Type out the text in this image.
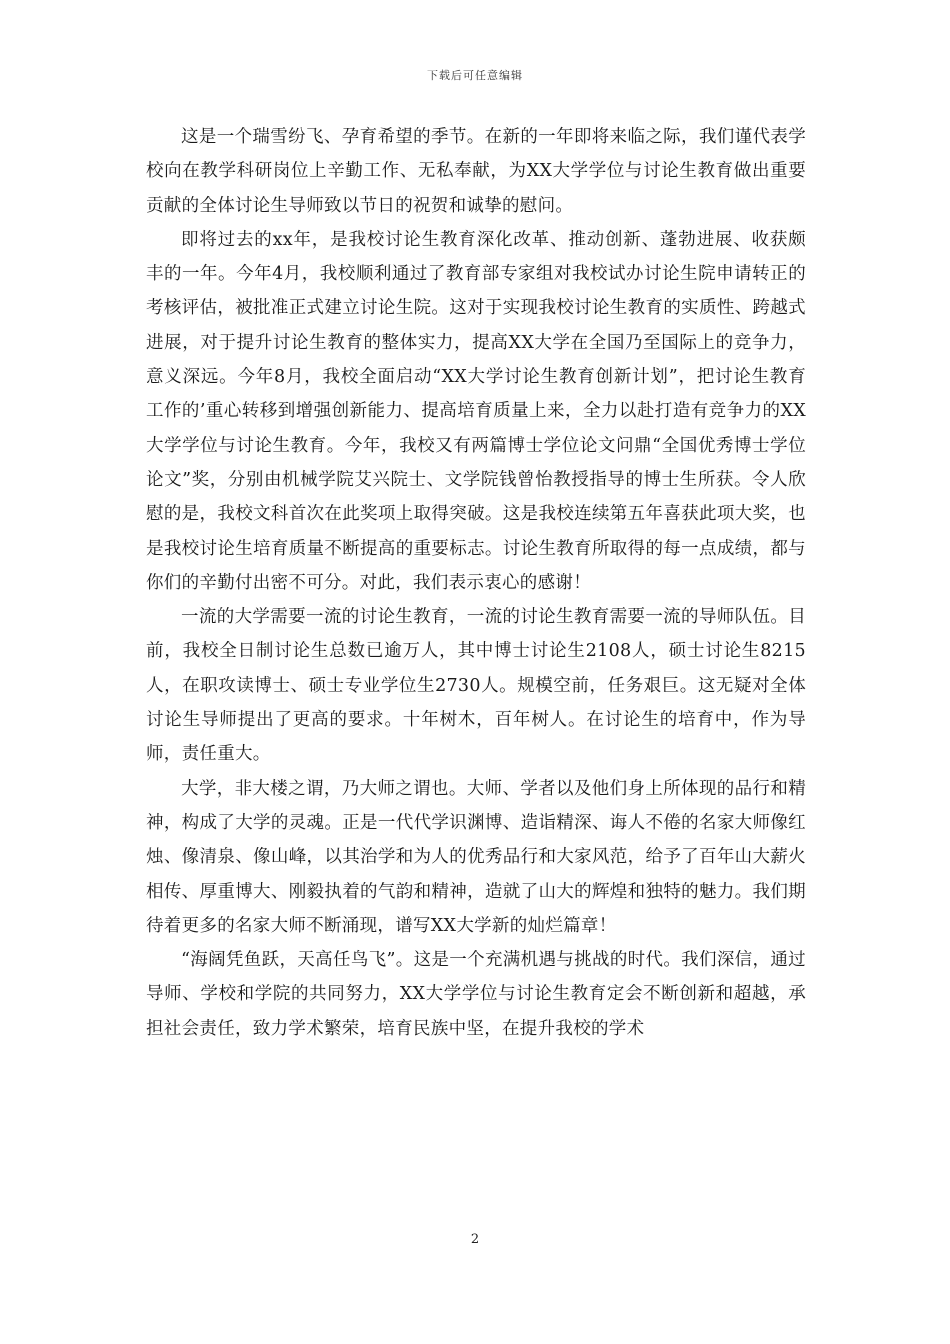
下载后可任意编辑

这是一个瑞雪纷飞、孕育希望的季节。在新的一年即将来临之际，我们谨代表学校向在教学科研岗位上辛勤工作、无私奉献，为XX大学学位与讨论生教育做出重要贡献的全体讨论生导师致以节日的祝贺和诚挚的慰问。

即将过去的xx年，是我校讨论生教育深化改革、推动创新、蓬勃进展、收获颇丰的一年。今年4月，我校顺利通过了教育部专家组对我校试办讨论生院申请转正的考核评估，被批准正式建立讨论生院。这对于实现我校讨论生教育的实质性、跨越式进展，对于提升讨论生教育的整体实力，提高XX大学在全国乃至国际上的竞争力，意义深远。今年8月，我校全面启动“XX大学讨论生教育创新计划”，把讨论生教育工作的’重心转移到增强创新能力、提高培育质量上来，全力以赴打造有竞争力的XX大学学位与讨论生教育。今年，我校又有两篇博士学位论文问鼎“全国优秀博士学位论文”奖，分别由机械学院艾兴院士、文学院钱曾怡教授指导的博士生所获。令人欣慰的是，我校文科首次在此奖项上取得突破。这是我校连续第五年喜获此项大奖，也是我校讨论生培育质量不断提高的重要标志。讨论生教育所取得的每一点成绩，都与你们的辛勤付出密不可分。对此，我们表示衷心的感谢！

一流的大学需要一流的讨论生教育，一流的讨论生教育需要一流的导师队伍。目前，我校全日制讨论生总数已逾万人，其中博士讨论生2108人，硕士讨论生8215人，在职攻读博士、硕士专业学位生2730人。规模空前，任务艰巨。这无疑对全体讨论生导师提出了更高的要求。十年树木，百年树人。在讨论生的培育中，作为导师，责任重大。

大学，非大楼之谓，乃大师之谓也。大师、学者以及他们身上所体现的品行和精神，构成了大学的灵魂。正是一代代学识渊博、造诣精深、诲人不倦的名家大师像红烛、像清泉、像山峰，以其治学和为人的优秀品行和大家风范，给予了百年山大薪火相传、厚重博大、刚毅执着的气韵和精神，造就了山大的辉煌和独特的魅力。我们期待着更多的名家大师不断涌现，谱写XX大学新的灿烂篇章！

“海阔凭鱼跃，天高任鸟飞”。这是一个充满机遇与挑战的时代。我们深信，通过导师、学校和学院的共同努力，XX大学学位与讨论生教育定会不断创新和超越，承担社会责任，致力学术繁荣，培育民族中坚，在提升我校的学术

2
